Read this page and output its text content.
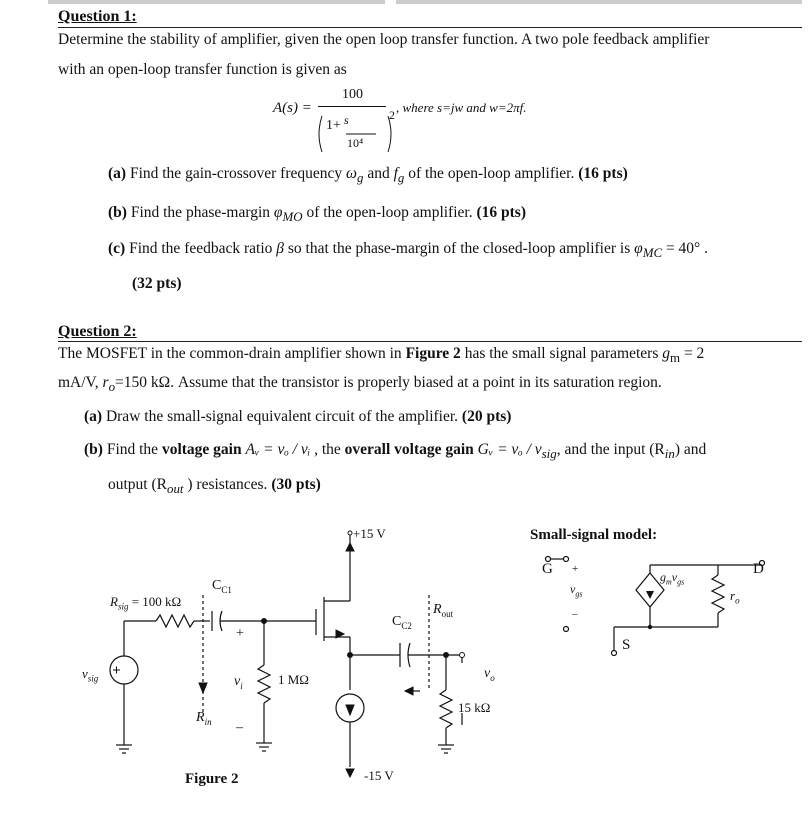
Question 1:
Determine the stability of amplifier, given the open loop transfer function. A two pole feedback amplifier
with an open-loop transfer function is given as
A(s) =
100
1+ s
10⁴
2 , where s=jw and w=2πf.
(a) Find the gain-crossover frequency $\omega_g$ and $f_g$ of the open-loop amplifier. (16 pts)
(b) Find the phase-margin $\varphi_{MO}$ of the open-loop amplifier. (16 pts)
(c) Find the feedback ratio β so that the phase-margin of the closed-loop amplifier is $\varphi_{MC} = 40^\circ$ .
(32 pts)
Question 2:
The MOSFET in the common-drain amplifier shown in Figure 2 has the small signal parameters $g_m = 2$
mA/V, $r_o=150$ kΩ. Assume that the transistor is properly biased at a point in its saturation region.
(a) Draw the small-signal equivalent circuit of the amplifier. (20 pts)
(b) Find the voltage gain Aᵥ = vₒ / vᵢ , the overall voltage gain Gᵥ = vₒ / $v_{sig}$, and the input $(R_{in})$ and
output ($R_{out}$ ) resistances. (30 pts)
+15 V
-15 V
$R_{sig} = 100$ kΩ
$C_{C1}$
+
–
$v_i$
$v_{sig}$
$R_{in}$
1 MΩ
$C_{C2}$
$R_{out}$
$v_o$
15 kΩ
Figure 2
Small-signal model:
G	D
S
+
–
$v_{gs}$
$g_mv_{gs}$
$r_o$
